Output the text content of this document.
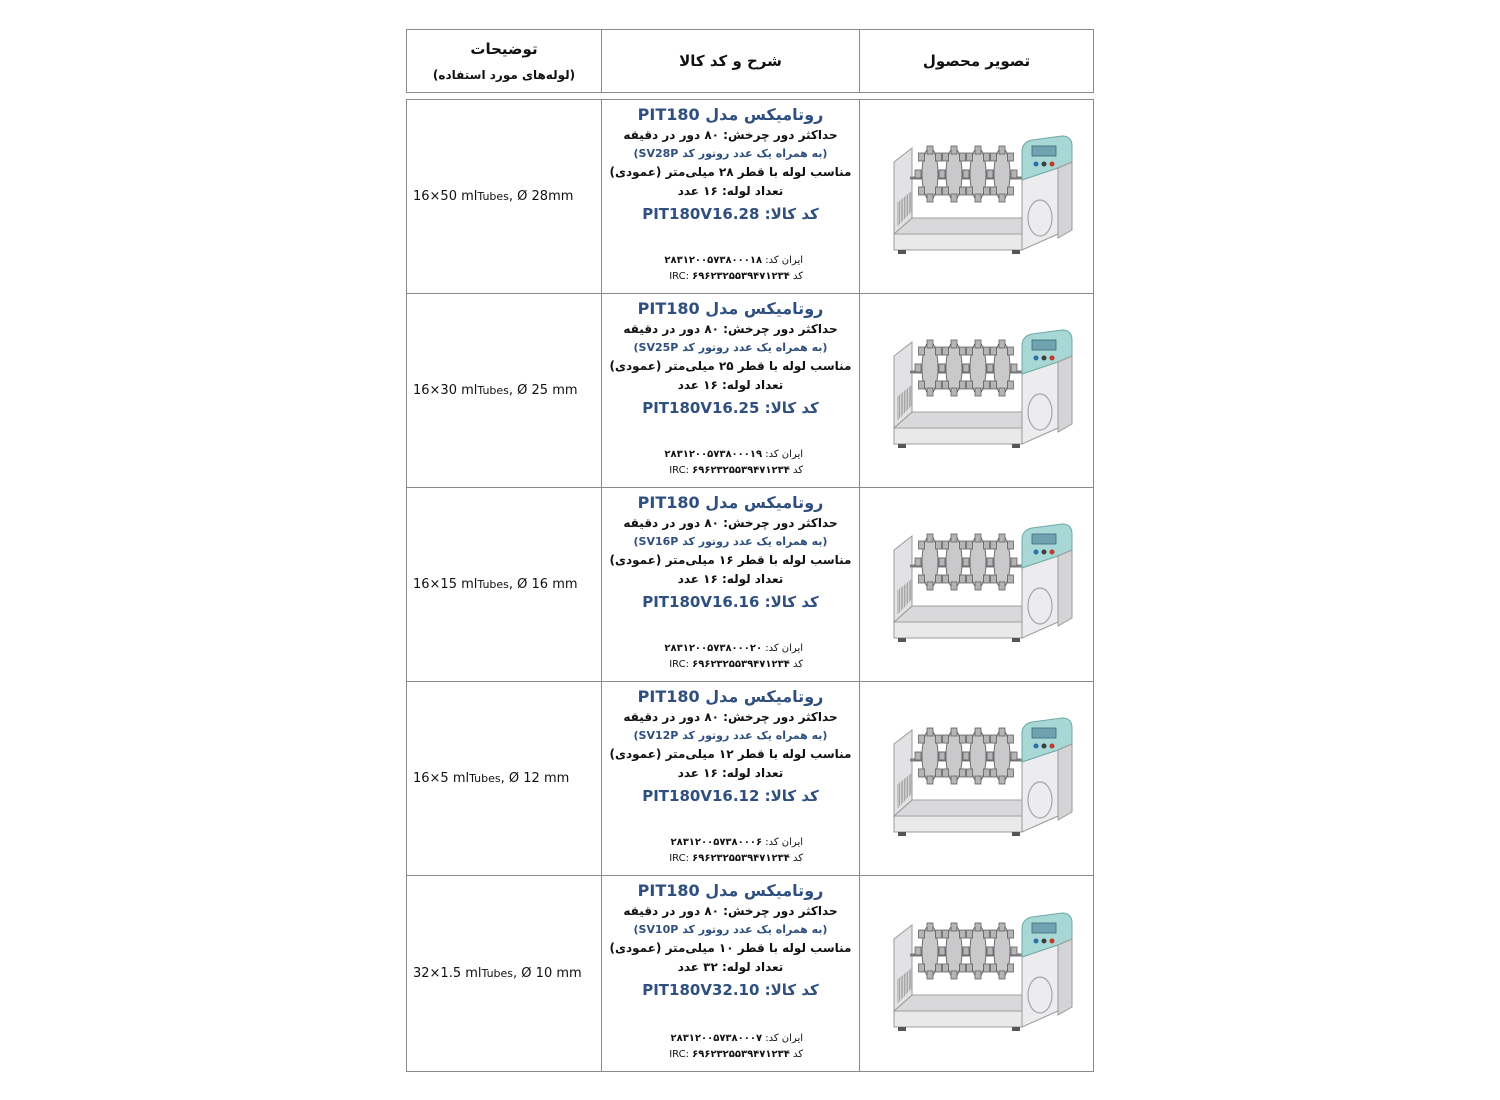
توضیحات
(لوله‌های مورد استفاده)
شرح و کد کالا	تصویر محصول
16×50 ml Tubes , Ø 28mm
روتامیکس مدل PIT180
حداکثر دور چرخش: ۸۰ دور در دقیقه
(به همراه یک عدد روتور کد SV28P)
مناسب لوله با قطر ۲۸ میلی‌متر (عمودی)
تعداد لوله: ۱۶ عدد
کد کالا: PIT180V16.28
ایران کد: ۲۸۳۱۲۰۰۵۷۳۸۰۰۰۱۸
کد IRC: ۶۹۶۲۳۲۵۵۳۹۴۷۱۲۳۴
16×30 ml Tubes , Ø 25 mm
روتامیکس مدل PIT180
حداکثر دور چرخش: ۸۰ دور در دقیقه
(به همراه یک عدد روتور کد SV25P)
مناسب لوله با قطر ۲۵ میلی‌متر (عمودی)
تعداد لوله: ۱۶ عدد
کد کالا: PIT180V16.25
ایران کد: ۲۸۳۱۲۰۰۵۷۳۸۰۰۰۱۹
کد IRC: ۶۹۶۲۳۲۵۵۳۹۴۷۱۲۳۴
16×15 ml Tubes , Ø 16 mm
روتامیکس مدل PIT180
حداکثر دور چرخش: ۸۰ دور در دقیقه
(به همراه یک عدد روتور کد SV16P)
مناسب لوله با قطر ۱۶ میلی‌متر (عمودی)
تعداد لوله: ۱۶ عدد
کد کالا: PIT180V16.16
ایران کد: ۲۸۳۱۲۰۰۵۷۳۸۰۰۰۲۰
کد IRC: ۶۹۶۲۳۲۵۵۳۹۴۷۱۲۳۴
16×5 ml Tubes , Ø 12 mm
روتامیکس مدل PIT180
حداکثر دور چرخش: ۸۰ دور در دقیقه
(به همراه یک عدد روتور کد SV12P)
مناسب لوله با قطر ۱۲ میلی‌متر (عمودی)
تعداد لوله: ۱۶ عدد
کد کالا: PIT180V16.12
ایران کد: ۲۸۳۱۲۰۰۵۷۳۸۰۰۰۶
کد IRC: ۶۹۶۲۳۲۵۵۳۹۴۷۱۲۳۴
32×1.5 ml Tubes , Ø 10 mm
روتامیکس مدل PIT180
حداکثر دور چرخش: ۸۰ دور در دقیقه
(به همراه یک عدد روتور کد SV10P)
مناسب لوله با قطر ۱۰ میلی‌متر (عمودی)
تعداد لوله: ۳۲ عدد
کد کالا: PIT180V32.10
ایران کد: ۲۸۳۱۲۰۰۵۷۳۸۰۰۰۷
کد IRC: ۶۹۶۲۳۲۵۵۳۹۴۷۱۲۳۴
